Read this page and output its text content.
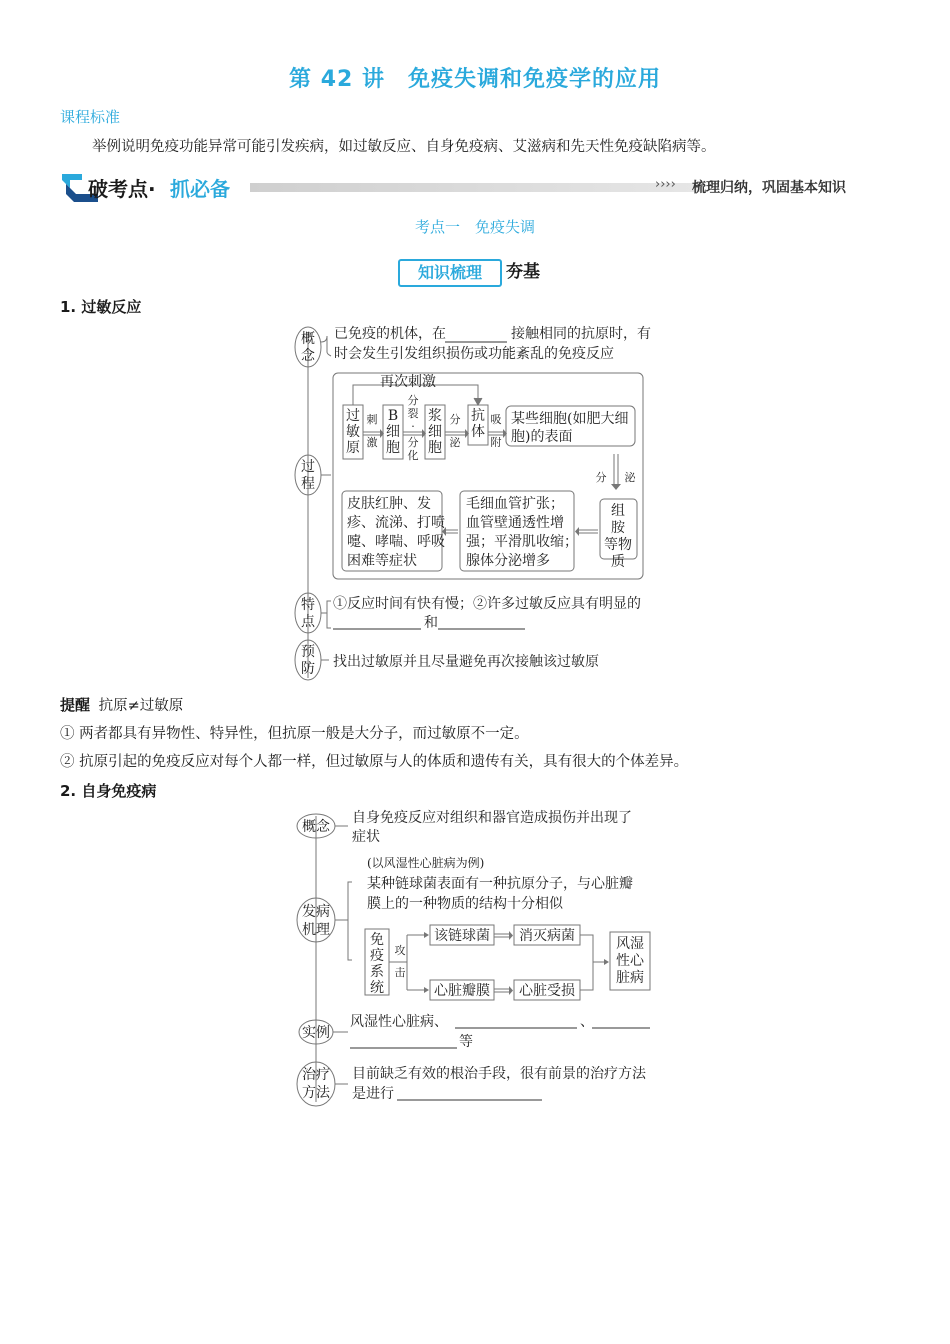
第 42 讲　免疫失调和免疫学的应用
课程标准
举例说明免疫功能异常可能引发疾病，如过敏反应、自身免疫病、艾滋病和先天性免疫缺陷病等。
破考点· 抓必备	›››› 梳理归纳，巩固基本知识
考点一　免疫失调
知识梳理	夯基
1. 过敏反应
概
念
已免疫的机体，在	接触相同的抗原时，有
时会发生引发组织损伤或功能紊乱的免疫反应
过
程
再次刺激
过
敏
原
B
细
胞
浆
细
胞
抗
体
组
胺
等物
质
刺
激
分
裂
·
分
化
分
泌
吸
附
分 泌
某些细胞(如肥大细
胞)的表面
毛细血管扩张；
血管壁通透性增
强；平滑肌收缩；
腺体分泌增多
皮肤红肿、发
疹、流涕、打喷
嚏、哮喘、呼吸
困难等症状
特
点
①反应时间有快有慢；②许多过敏反应具有明显的
和
预
防 找出过敏原并且尽量避免再次接触该过敏原
提醒 抗原≠过敏原
① 两者都具有异物性、特异性，但抗原一般是大分子，而过敏原不一定。
② 抗原引起的免疫反应对每个人都一样，但过敏原与人的体质和遗传有关，具有很大的个体差异。
2. 自身免疫病
概念
自身免疫反应对组织和器官造成损伤并出现了
症状
发病
机理
(以风湿性心脏病为例)
某种链球菌表面有一种抗原分子，与心脏瓣
膜上的一种物质的结构十分相似
免
疫
系
统
该链球菌 消灭病菌
心脏瓣膜 心脏受损
风湿
性心
脏病
攻
击
实例
风湿性心脏病、	、
等
治疗
方法
目前缺乏有效的根治手段，很有前景的治疗方法
是进行
